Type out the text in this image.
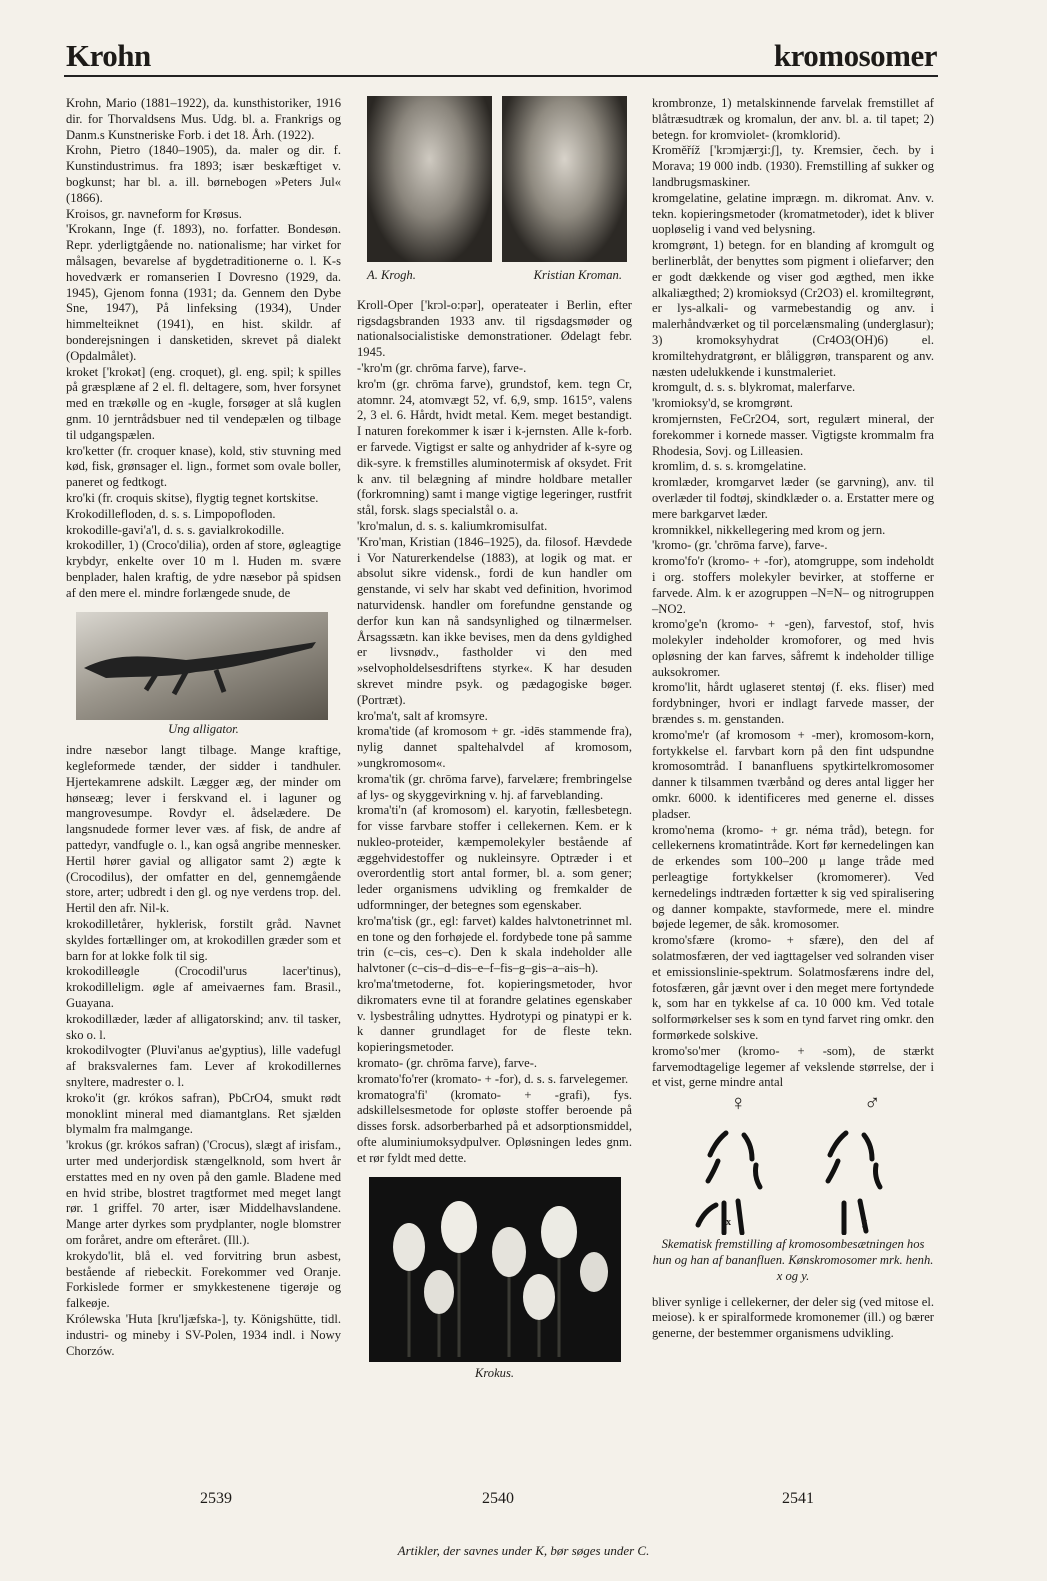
Krohn	kromosomer

Krohn, Mario (1881–1922), da. kunsthistoriker, 1916 dir. for Thorvaldsens Mus. Udg. bl. a. Frankrigs og Danm.s Kunstneriske Forb. i det 18. Årh. (1922).

Krohn, Pietro (1840–1905), da. maler og dir. f. Kunstindustrimus. fra 1893; især beskæftiget v. bogkunst; har bl. a. ill. børnebogen »Peters Jul« (1866).

Kroisos, gr. navneform for Krøsus.

'Krokann, Inge (f. 1893), no. forfatter. Bondesøn. Repr. yderligtgående no. nationalisme; har virket for målsagen, bevarelse af bygdetraditionerne o. l. K-s hovedværk er romanserien I Dovresno (1929, da. 1945), Gjenom fonna (1931; da. Gennem den Dybe Sne, 1947), På linfeksing (1934), Under himmelteiknet (1941), en hist. skildr. af bonderejsningen i dansketiden, skrevet på dialekt (Opdalmålet).

kroket ['krokət] (eng. croquet), gl. eng. spil; k spilles på græsplæne af 2 el. fl. deltagere, som, hver forsynet med en trækølle og en -kugle, forsøger at slå kuglen gnm. 10 jerntrådsbuer ned til vendepælen og tilbage til udgangspælen.

kro'ketter (fr. croquer knase), kold, stiv stuvning med kød, fisk, grønsager el. lign., formet som ovale boller, paneret og fedtkogt.

kro'ki (fr. croquis skitse), flygtig tegnet kortskitse.

Krokodillefloden, d. s. s. Limpopofloden.

krokodille-gavi'a'l, d. s. s. gavialkrokodille.

krokodiller, 1) (Croco'dilia), orden af store, øgleagtige krybdyr, enkelte over 10 m l. Huden m. svære benplader, halen kraftig, de ydre næsebor på spidsen af den mere el. mindre forlængede snude, de

Ung alligator.

indre næsebor langt tilbage. Mange kraftige, kegleformede tænder, der sidder i tandhuler. Hjertekamrene adskilt. Lægger æg, der minder om hønseæg; lever i ferskvand el. i laguner og mangrovesumpe. Rovdyr el. ådselædere. De langsnudede former lever væs. af fisk, de andre af pattedyr, vandfugle o. l., kan også angribe mennesker. Hertil hører gavial og alligator samt 2) ægte k (Crocodilus), der omfatter en del, gennemgående store, arter; udbredt i den gl. og nye verdens trop. del. Hertil den afr. Nil-k.

krokodilletårer, hyklerisk, forstilt gråd. Navnet skyldes fortællinger om, at krokodillen græder som et barn for at lokke folk til sig.

krokodilleøgle (Crocodil'urus lacer'tinus), krokodilleligm. øgle af ameivaernes fam. Brasil., Guayana.

krokodillæder, læder af alligatorskind; anv. til tasker, sko o. l.

krokodilvogter (Pluvi'anus ae'gyptius), lille vadefugl af braksvalernes fam. Lever af krokodillernes snyltere, madrester o. l.

kroko'it (gr. krókos safran), PbCrO4, smukt rødt monoklint mineral med diamantglans. Ret sjælden blymalm fra malmgange.

'krokus (gr. krókos safran) ('Crocus), slægt af irisfam., urter med underjordisk stængelknold, som hvert år erstattes med en ny oven på den gamle. Bladene med en hvid stribe, blostret tragtformet med meget langt rør. 1 griffel. 70 arter, især Middelhavslandene. Mange arter dyrkes som prydplanter, nogle blomstrer om foråret, andre om efteråret. (Ill.).

krokydo'lit, blå el. ved forvitring brun asbest, bestående af riebeckit. Forekommer ved Oranje. Forkislede former er smykkestenene tigerøje og falkeøje.

Królewska 'Huta [kru'ljæfska-], ty. Königshütte, tidl. industri- og mineby i SV-Polen, 1934 indl. i Nowy Chorzów.

A. Krogh.	Kristian Kroman.

Kroll-Oper ['krɔl-o:pər], operateater i Berlin, efter rigsdagsbranden 1933 anv. til rigsdagsmøder og nationalsocialistiske demonstrationer. Ødelagt febr. 1945.

-'kro'm (gr. chrōma farve), farve-.

kro'm (gr. chrōma farve), grundstof, kem. tegn Cr, atomnr. 24, atomvægt 52, vf. 6,9, smp. 1615°, valens 2, 3 el. 6. Hårdt, hvidt metal. Kem. meget bestandigt. I naturen forekommer k især i k-jernsten. Alle k-forb. er farvede. Vigtigst er salte og anhydrider af k-syre og dik-syre. k fremstilles aluminotermisk af oksydet. Frit k anv. til belægning af mindre holdbare metaller (forkromning) samt i mange vigtige legeringer, rustfrit stål, forsk. slags specialstål o. a.

'kro'malun, d. s. s. kaliumkromisulfat.

'Kro'man, Kristian (1846–1925), da. filosof. Hævdede i Vor Naturerkendelse (1883), at logik og mat. er absolut sikre vidensk., fordi de kun handler om genstande, vi selv har skabt ved definition, hvorimod naturvidensk. handler om forefundne genstande og derfor kun kan nå sandsynlighed og tilnærmelser. Årsagssætn. kan ikke bevises, men da dens gyldighed er livsnødv., fastholder vi den med »selvopholdelsesdriftens styrke«. K har desuden skrevet mindre psyk. og pædagogiske bøger. (Portræt).

kro'ma't, salt af kromsyre.

kroma'tide (af kromosom + gr. -idēs stammende fra), nylig dannet spaltehalvdel af kromosom, »ungkromosom«.

kroma'tik (gr. chrōma farve), farvelære; frembringelse af lys- og skyggevirkning v. hj. af farveblanding.

kroma'ti'n (af kromosom) el. karyotin, fællesbetegn. for visse farvbare stoffer i cellekernen. Kem. er k nukleo-proteider, kæmpemolekyler bestående af æggehvidestoffer og nukleinsyre. Optræder i et overordentlig stort antal former, bl. a. som gener; leder organismens udvikling og fremkalder de udformninger, der betegnes som egenskaber.

kro'ma'tisk (gr., egl: farvet) kaldes halvtonetrinnet ml. en tone og den forhøjede el. fordybede tone på samme trin (c–cis, ces–c). Den k skala indeholder alle halvtoner (c–cis–d–dis–e–f–fis–g–gis–a–ais–h).

kro'ma'tmetoderne, fot. kopieringsmetoder, hvor dikromaters evne til at forandre gelatines egenskaber v. lysbestråling udnyttes. Hydrotypi og pinatypi er k. k danner grundlaget for de fleste tekn. kopieringsmetoder.

kromato- (gr. chrōma farve), farve-.

kromato'fo'rer (kromato- + -for), d. s. s. farvelegemer.

kromatogra'fi' (kromato- + -grafi), fys. adskillelsesmetode for opløste stoffer beroende på disses forsk. adsorberbarhed på et adsorptionsmiddel, ofte aluminiumoksydpulver. Opløsningen ledes gnm. et rør fyldt med dette.

Krokus.

krombronze, 1) metalskinnende farvelak fremstillet af blåtræsudtræk og kromalun, der anv. bl. a. til tapet; 2) betegn. for kromviolet- (kromklorid).

Kroměříž ['krɔmjærʒi:ʃ], ty. Kremsier, čech. by i Morava; 19 000 indb. (1930). Fremstilling af sukker og landbrugsmaskiner.

kromgelatine, gelatine imprægn. m. dikromat. Anv. v. tekn. kopieringsmetoder (kromatmetoder), idet k bliver uopløselig i vand ved belysning.

kromgrønt, 1) betegn. for en blanding af kromgult og berlinerblåt, der benyttes som pigment i oliefarver; den er godt dækkende og viser god ægthed, men ikke alkaliægthed; 2) kromioksyd (Cr2O3) el. kromiltegrønt, er lys-alkali- og varmebestandig og anv. i malerhåndværket og til porcelænsmaling (underglasur); 3) kromoksyhydrat (Cr4O3(OH)6) el. kromiltehydratgrønt, er blåliggrøn, transparent og anv. næsten udelukkende i kunstmaleriet.

kromgult, d. s. s. blykromat, malerfarve.

'kromioksy'd, se kromgrønt.

kromjernsten, FeCr2O4, sort, regulært mineral, der forekommer i kornede masser. Vigtigste krommalm fra Rhodesia, Sovj. og Lilleasien.

kromlim, d. s. s. kromgelatine.

kromlæder, kromgarvet læder (se garvning), anv. til overlæder til fodtøj, skindklæder o. a. Erstatter mere og mere barkgarvet læder.

kromnikkel, nikkellegering med krom og jern.

'kromo- (gr. 'chrōma farve), farve-.

kromo'fo'r (kromo- + -for), atomgruppe, som indeholdt i org. stoffers molekyler bevirker, at stofferne er farvede. Alm. k er azogruppen –N=N– og nitrogruppen –NO2.

kromo'ge'n (kromo- + -gen), farvestof, stof, hvis molekyler indeholder kromoforer, og med hvis opløsning der kan farves, såfremt k indeholder tillige auksokromer.

kromo'lit, hårdt uglaseret stentøj (f. eks. fliser) med fordybninger, hvori er indlagt farvede masser, der brændes s. m. genstanden.

kromo'me'r (af kromosom + -mer), kromosom-korn, fortykkelse el. farvbart korn på den fint udspundne kromosomtråd. I bananfluens spytkirtelkromosomer danner k tilsammen tværbånd og deres antal ligger her omkr. 6000. k identificeres med generne el. disses pladser.

kromo'nema (kromo- + gr. néma tråd), betegn. for cellekernens kromatintråde. Kort før kernedelingen kan de erkendes som 100–200 μ lange tråde med perleagtige fortykkelser (kromomerer). Ved kernedelings indtræden fortætter k sig ved spiralisering og danner kompakte, stavformede, mere el. mindre bøjede legemer, de såk. kromosomer.

kromo'sfære (kromo- + sfære), den del af solatmosfæren, der ved iagttagelser ved solranden viser et emissionslinie-spektrum. Solatmosfærens indre del, fotosfæren, går jævnt over i den meget mere fortyndede k, som har en tykkelse af ca. 10 000 km. Ved totale solformørkelser ses k som en tynd farvet ring omkr. den formørkede solskive.

kromo'so'mer (kromo- + -som), de stærkt farvemodtagelige legemer af vekslende størrelse, der i et vist, gerne mindre antal

♀	♂
x	y
Skematisk fremstilling af kromosombesætningen hos hun og han af bananfluen. Kønskromosomer mrk. henh. x og y.

bliver synlige i cellekerner, der deler sig (ved mitose el. meiose). k er spiralformede kromonemer (ill.) og bærer generne, der bestemmer organismens udvikling.

2539	2540	2541
Artikler, der savnes under K, bør søges under C.
